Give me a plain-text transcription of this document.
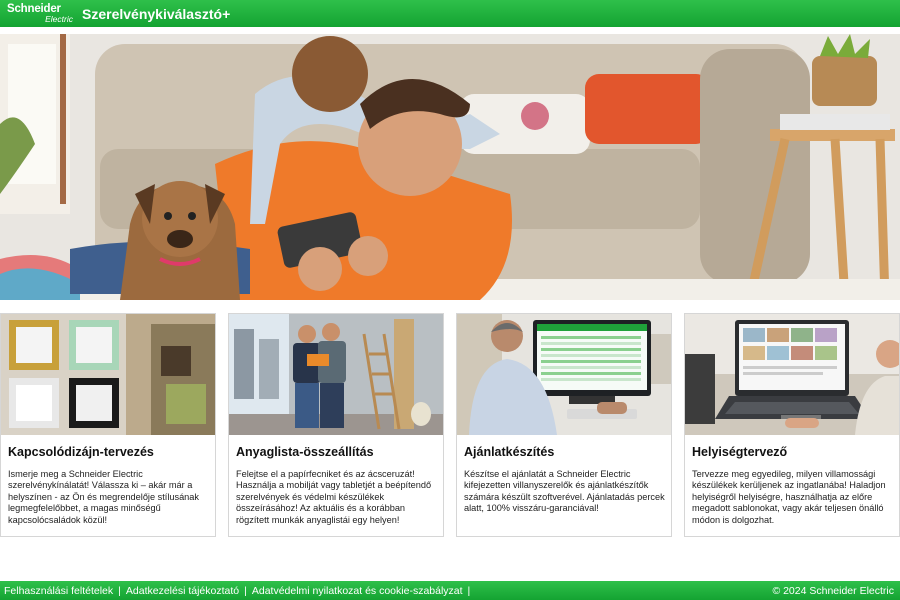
Schneider
Electric Szerelvénykiválasztó+
Kapcsolódizájn-tervezés
Ismerje meg a Schneider Electric szerelvénykínálatát! Válassza ki – akár már a helyszínen - az Ön és megrendelője stílusának legmegfelelőbbet, a magas minőségű kapcsolócsaládok közül!
Anyaglista-összeállítás
Felejtse el a papírfecniket és az ácsceruzát! Használja a mobilját vagy tabletjét a beépítendő szerelvények és védelmi készülékek összeírásához! Az aktuális és a korábban rögzített munkák anyaglistái egy helyen!
Ajánlatkészítés
Készítse el ajánlatát a Schneider Electric kifejezetten villanyszerelők és ajánlatkészítők számára készült szoftverével. Ajánlatadás percek alatt, 100% visszáru-garanciával!
Helyiségtervező
Tervezze meg egyedileg, milyen villamossági készülékek kerüljenek az ingatlanába! Haladjon helyiségről helyiségre, használhatja az előre megadott sablonokat, vagy akár teljesen önálló módon is dolgozhat.
Felhasználási feltételek | Adatkezelési tájékoztató | Adatvédelmi nyilatkozat és cookie-szabályzat |	© 2024 Schneider Electric
